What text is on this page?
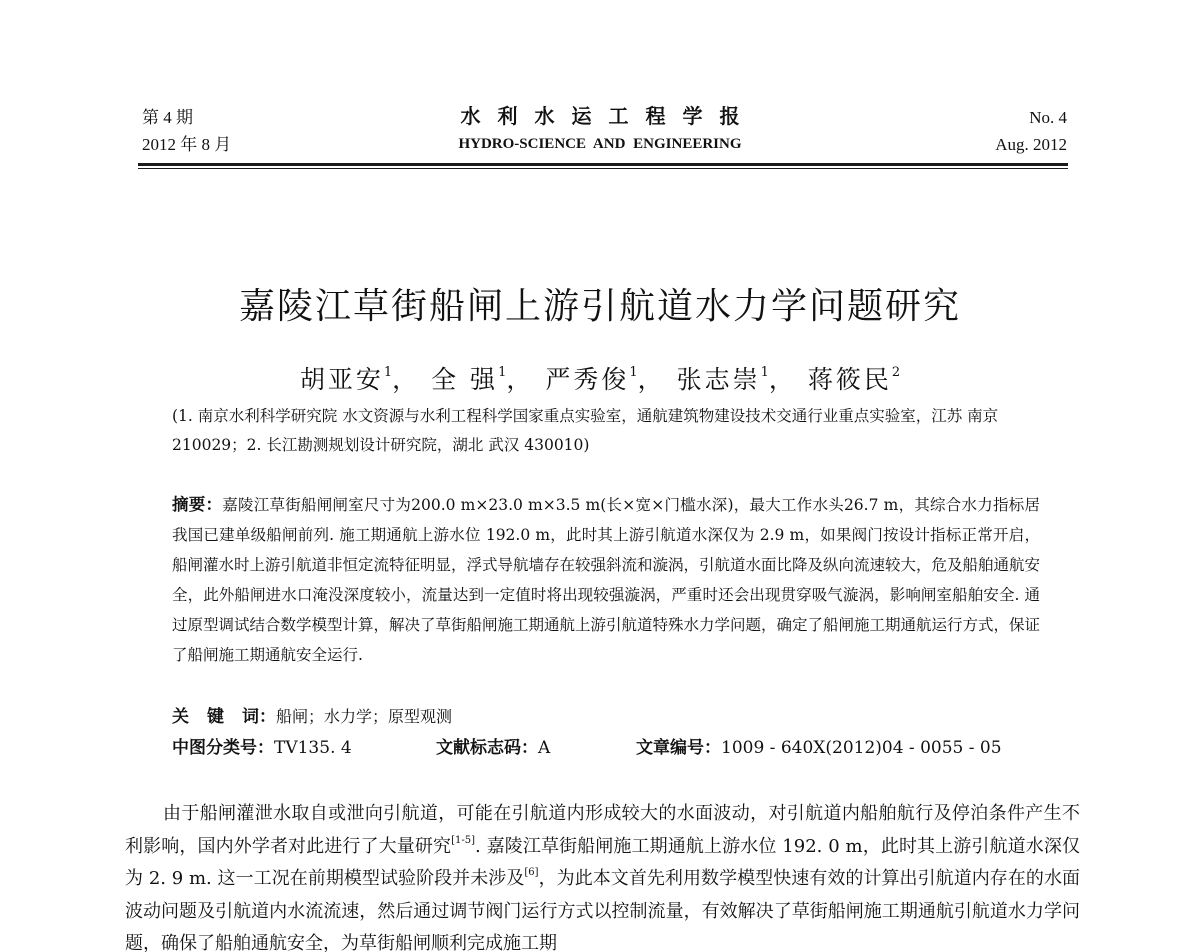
第 4 期
2012 年 8 月
水利水运工程学报
HYDRO-SCIENCE AND ENGINEERING
No. 4
Aug. 2012
嘉陵江草街船闸上游引航道水力学问题研究
胡亚安$^1$， 全 强$^1$， 严秀俊$^1$， 张志崇$^1$， 蒋筱民$^2$
(1. 南京水利科学研究院 水文资源与水利工程科学国家重点实验室，通航建筑物建设技术交通行业重点实验室，江苏 南京　210029；2. 长江勘测规划设计研究院，湖北 武汉 430010)
摘要：嘉陵江草街船闸闸室尺寸为200.0 m×23.0 m×3.5 m(长×宽×门槛水深)，最大工作水头26.7 m，其综合水力指标居我国已建单级船闸前列. 施工期通航上游水位 192.0 m，此时其上游引航道水深仅为 2.9 m，如果阀门按设计指标正常开启，船闸灌水时上游引航道非恒定流特征明显，浮式导航墙存在较强斜流和漩涡，引航道水面比降及纵向流速较大，危及船舶通航安全，此外船闸进水口淹没深度较小，流量达到一定值时将出现较强漩涡，严重时还会出现贯穿吸气漩涡，影响闸室船舶安全. 通过原型调试结合数学模型计算，解决了草街船闸施工期通航上游引航道特殊水力学问题，确定了船闸施工期通航运行方式，保证了船闸施工期通航安全运行.
关键词：船闸；水力学；原型观测
中图分类号：TV135. 4	文献标志码：A	文章编号：1009 - 640X(2012)04 - 0055 - 05
由于船闸灌泄水取自或泄向引航道，可能在引航道内形成较大的水面波动，对引航道内船舶航行及停泊条件产生不利影响，国内外学者对此进行了大量研究[1-5]. 嘉陵江草街船闸施工期通航上游水位 192. 0 m，此时其上游引航道水深仅为 2. 9 m. 这一工况在前期模型试验阶段并未涉及[6]，为此本文首先利用数学模型快速有效的计算出引航道内存在的水面波动问题及引航道内水流流速，然后通过调节阀门运行方式以控制流量，有效解决了草街船闸施工期通航引航道水力学问题，确保了船舶通航安全，为草街船闸顺利完成施工期
